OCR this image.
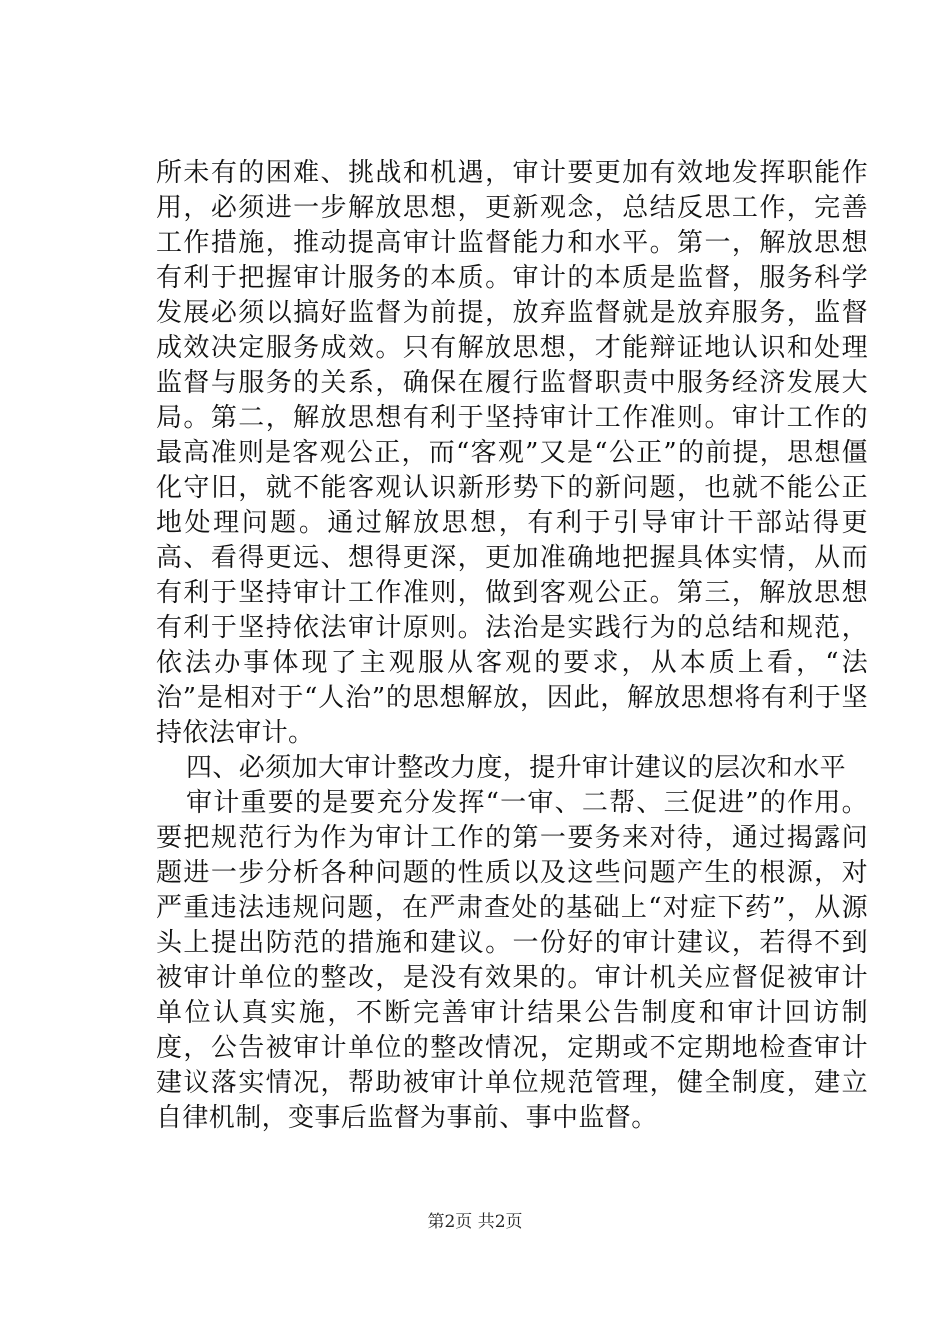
所未有的困难、挑战和机遇，审计要更加有效地发挥职能作用，必须进一步解放思想，更新观念，总结反思工作，完善工作措施，推动提高审计监督能力和水平。第一，解放思想有利于把握审计服务的本质。审计的本质是监督，服务科学发展必须以搞好监督为前提，放弃监督就是放弃服务，监督成效决定服务成效。只有解放思想，才能辩证地认识和处理监督与服务的关系，确保在履行监督职责中服务经济发展大局。第二，解放思想有利于坚持审计工作准则。审计工作的最高准则是客观公正，而“客观”又是“公正”的前提，思想僵化守旧，就不能客观认识新形势下的新问题，也就不能公正地处理问题。通过解放思想，有利于引导审计干部站得更高、看得更远、想得更深，更加准确地把握具体实情，从而有利于坚持审计工作准则，做到客观公正。第三，解放思想有利于坚持依法审计原则。法治是实践行为的总结和规范，依法办事体现了主观服从客观的要求，从本质上看，“法治”是相对于“人治”的思想解放，因此，解放思想将有利于坚持依法审计。

四、必须加大审计整改力度，提升审计建议的层次和水平

审计重要的是要充分发挥“一审、二帮、三促进”的作用。要把规范行为作为审计工作的第一要务来对待，通过揭露问题进一步分析各种问题的性质以及这些问题产生的根源，对严重违法违规问题，在严肃查处的基础上“对症下药”，从源头上提出防范的措施和建议。一份好的审计建议，若得不到被审计单位的整改，是没有效果的。审计机关应督促被审计单位认真实施，不断完善审计结果公告制度和审计回访制度，公告被审计单位的整改情况，定期或不定期地检查审计建议落实情况，帮助被审计单位规范管理，健全制度，建立自律机制，变事后监督为事前、事中监督。

第2页 共2页
